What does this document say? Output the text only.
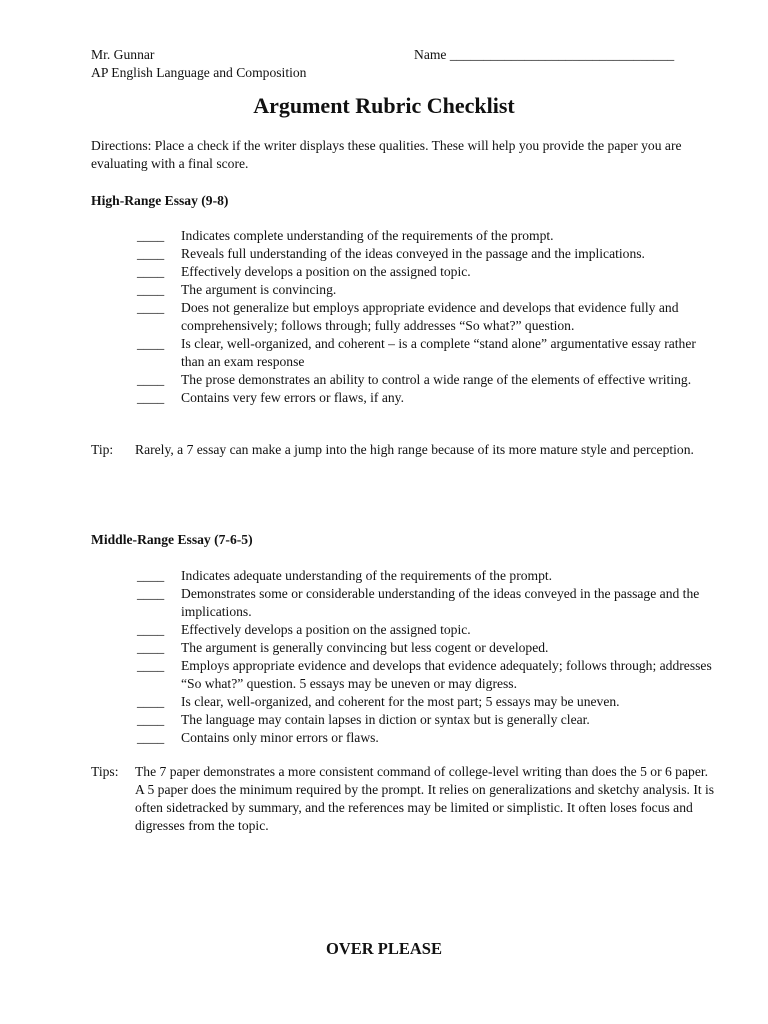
Mr. Gunnar
AP English Language and Composition
Name _________________________________
Argument Rubric Checklist
Directions: Place a check if the writer displays these qualities. These will help you provide the paper you are evaluating with a final score.
High-Range Essay (9-8)
____	Indicates complete understanding of the requirements of the prompt.
____	Reveals full understanding of the ideas conveyed in the passage and the implications.
____	Effectively develops a position on the assigned topic.
____	The argument is convincing.
____	Does not generalize but employs appropriate evidence and develops that evidence fully and comprehensively; follows through; fully addresses “So what?” question.
____	Is clear, well-organized, and coherent – is a complete “stand alone” argumentative essay rather than an exam response
____	The prose demonstrates an ability to control a wide range of the elements of effective writing.
____	Contains very few errors or flaws, if any.
Tip:	Rarely, a 7 essay can make a jump into the high range because of its more mature style and perception.

Middle-Range Essay (7-6-5)
____	Indicates adequate understanding of the requirements of the prompt.
____	Demonstrates some or considerable understanding of the ideas conveyed in the passage and the implications.
____	Effectively develops a position on the assigned topic.
____	The argument is generally convincing but less cogent or developed.
____	Employs appropriate evidence and develops that evidence adequately; follows through; addresses “So what?” question. 5 essays may be uneven or may digress.
____	Is clear, well-organized, and coherent for the most part; 5 essays may be uneven.
____	The language may contain lapses in diction or syntax but is generally clear.
____	Contains only minor errors or flaws.
Tips:	The 7 paper demonstrates a more consistent command of college-level writing than does the 5 or 6 paper.

A 5 paper does the minimum required by the prompt. It relies on generalizations and sketchy analysis. It is often sidetracked by summary, and the references may be limited or simplistic. It often loses focus and digresses from the topic.

OVER PLEASE
